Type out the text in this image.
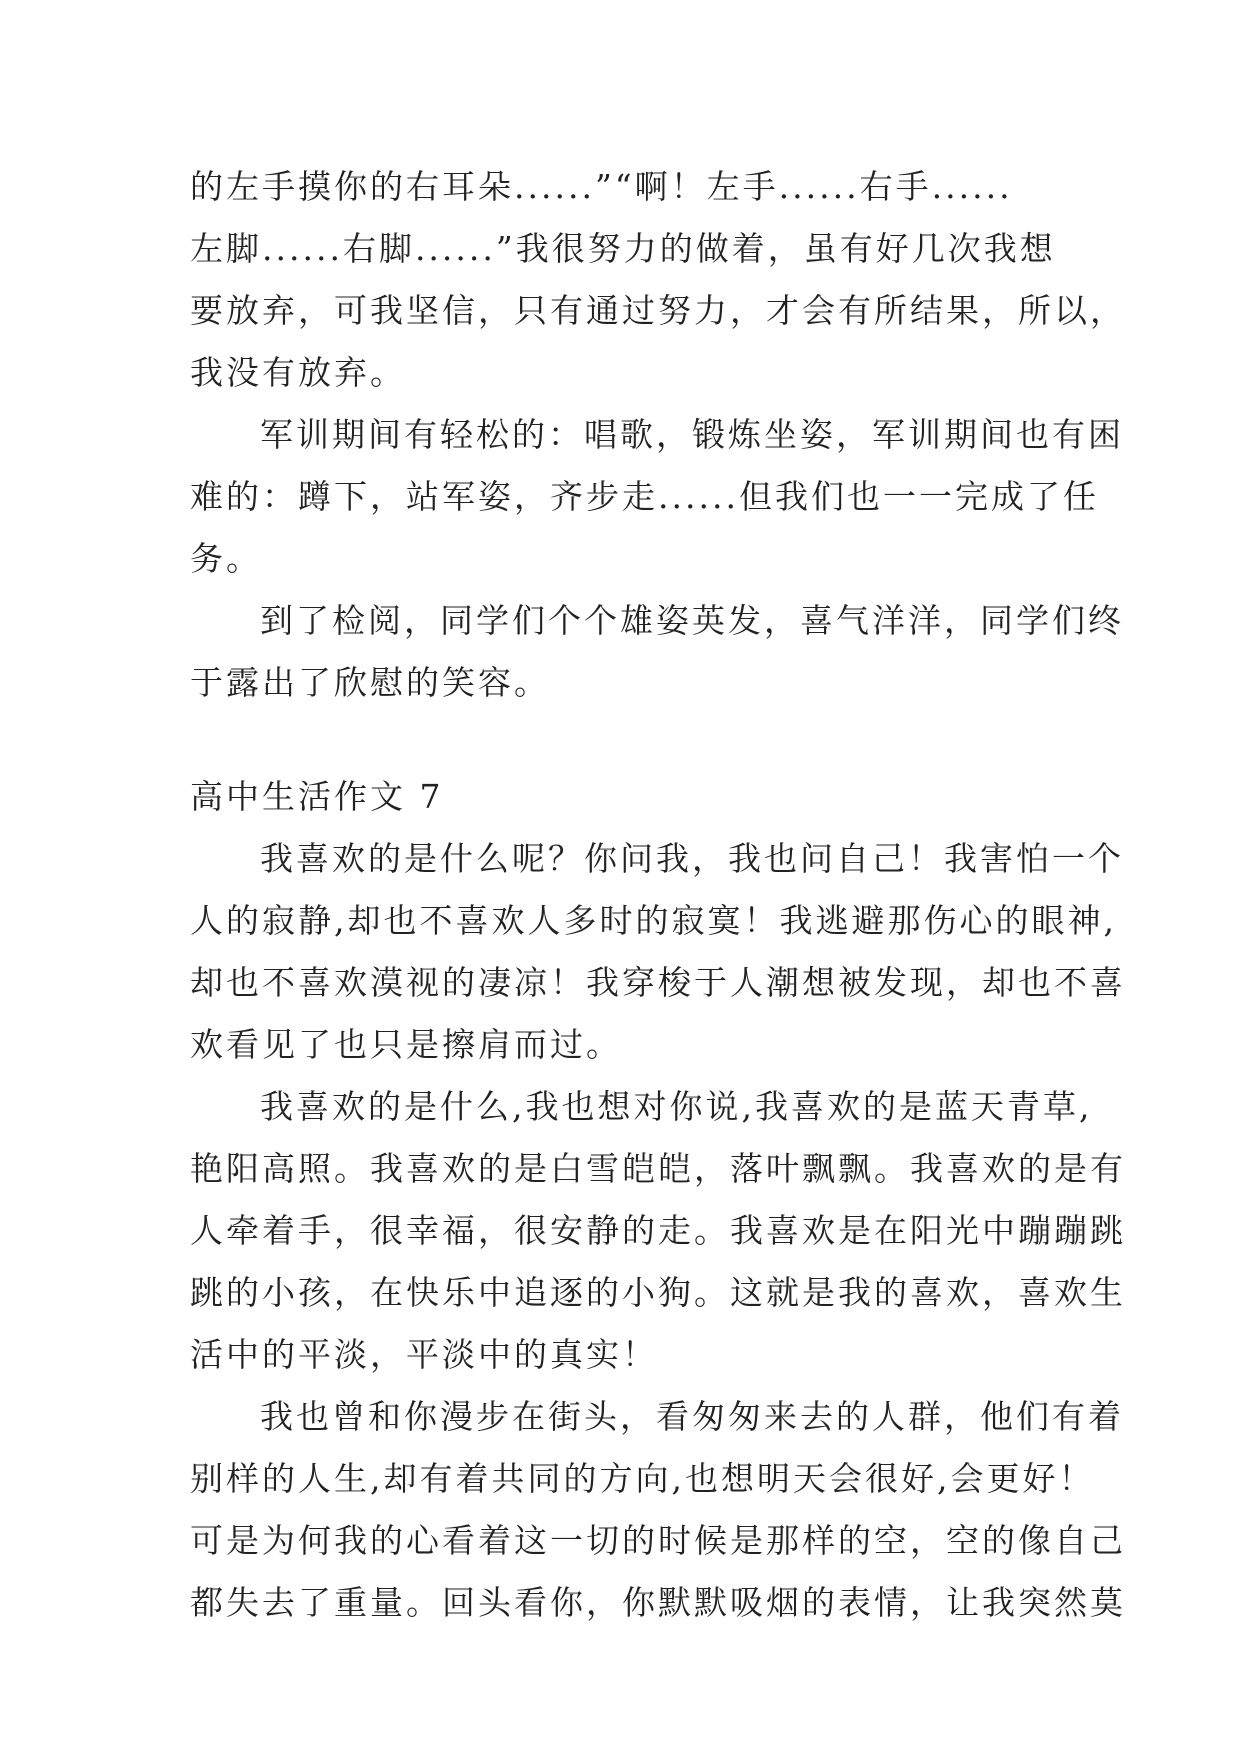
的左手摸你的右耳朵......”“啊！左手......右手......
左脚......右脚......”我很努力的做着，虽有好几次我想
要放弃，可我坚信，只有通过努力，才会有所结果，所以，
我没有放弃。
军训期间有轻松的：唱歌，锻炼坐姿，军训期间也有困
难的：蹲下，站军姿，齐步走......但我们也一一完成了任
务。
到了检阅，同学们个个雄姿英发，喜气洋洋，同学们终
于露出了欣慰的笑容。
高中生活作文 7
我喜欢的是什么呢？你问我，我也问自己！我害怕一个
人的寂静,却也不喜欢人多时的寂寞！我逃避那伤心的眼神,
却也不喜欢漠视的凄凉！我穿梭于人潮想被发现，却也不喜
欢看见了也只是擦肩而过。
我喜欢的是什么,我也想对你说,我喜欢的是蓝天青草,
艳阳高照。我喜欢的是白雪皑皑，落叶飘飘。我喜欢的是有
人牵着手，很幸福，很安静的走。我喜欢是在阳光中蹦蹦跳
跳的小孩，在快乐中追逐的小狗。这就是我的喜欢，喜欢生
活中的平淡，平淡中的真实！
我也曾和你漫步在街头，看匆匆来去的人群，他们有着
别样的人生,却有着共同的方向,也想明天会很好,会更好！
可是为何我的心看着这一切的时候是那样的空，空的像自己
都失去了重量。回头看你，你默默吸烟的表情，让我突然莫
